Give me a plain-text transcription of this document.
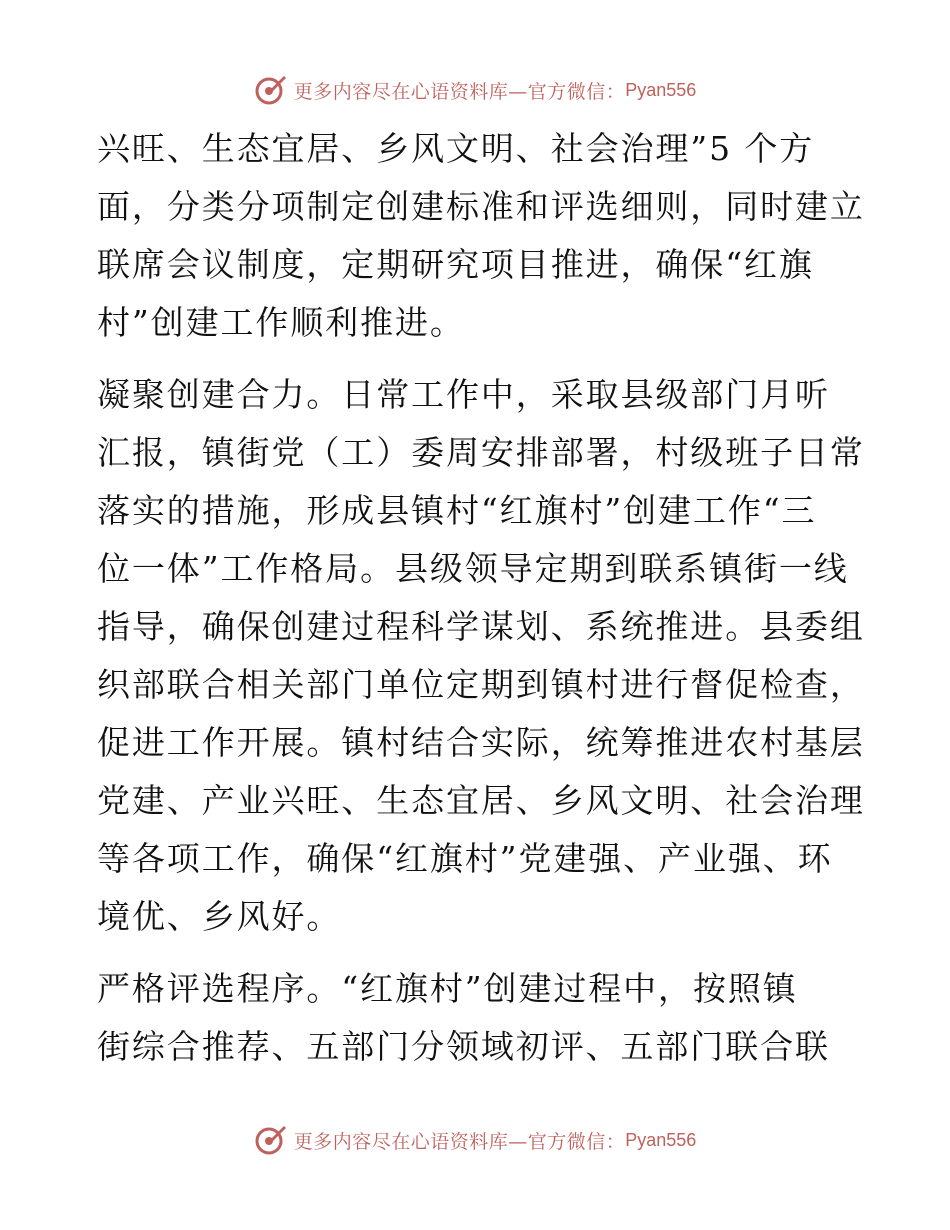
更多内容尽在心语资料库—官方微信： Pyan556
兴旺、生态宜居、乡风文明、社会治理”5 个方
面，分类分项制定创建标准和评选细则，同时建立
联席会议制度，定期研究项目推进，确保“红旗
村”创建工作顺利推进。
凝聚创建合力。日常工作中，采取县级部门月听
汇报，镇街党（工）委周安排部署，村级班子日常
落实的措施，形成县镇村“红旗村”创建工作“三
位一体”工作格局。县级领导定期到联系镇街一线
指导，确保创建过程科学谋划、系统推进。县委组
织部联合相关部门单位定期到镇村进行督促检查，
促进工作开展。镇村结合实际，统筹推进农村基层
党建、产业兴旺、生态宜居、乡风文明、社会治理
等各项工作，确保“红旗村”党建强、产业强、环
境优、乡风好。
严格评选程序。“红旗村”创建过程中，按照镇
街综合推荐、五部门分领域初评、五部门联合联
更多内容尽在心语资料库—官方微信： Pyan556
